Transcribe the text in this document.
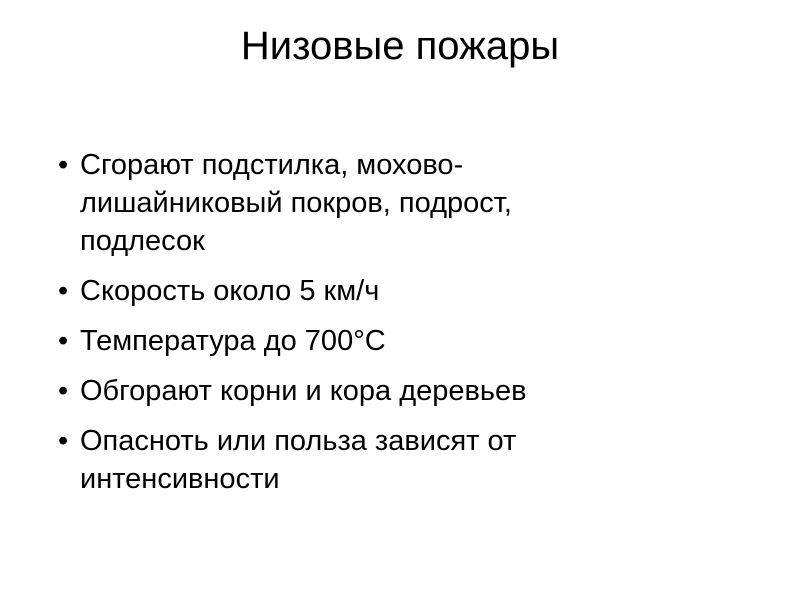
Низовые пожары
• Сгорают подстилка, мохово-
лишайниковый покров, подрост,
подлесок
• Скорость около 5 км/ч
• Температура до 700°С
• Обгорают корни и кора деревьев
• Опасноть или польза зависят от
интенсивности
